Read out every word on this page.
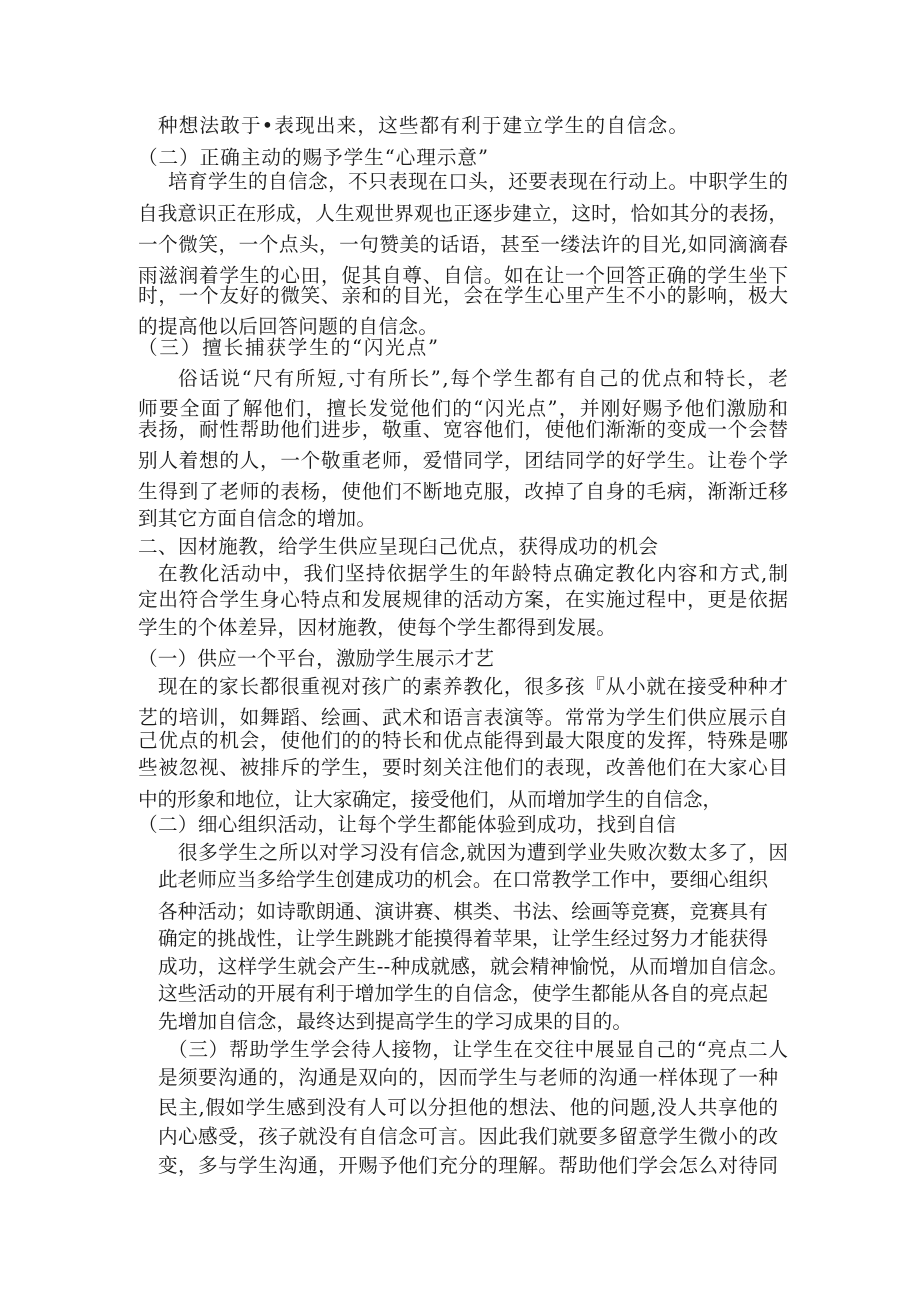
种想法敢于•表现出来，这些都有利于建立学生的自信念。
（二）正确主动的赐予学生“心理示意”
培育学生的自信念，不只表现在口头，还要表现在行动上。中职学生的
自我意识正在形成，人生观世界观也正逐步建立，这时，恰如其分的表扬，
一个微笑，一个点头，一句赞美的话语，甚至一缕法许的目光,如同滴滴春
雨滋润着学生的心田，促其自尊、自信。如在让一个回答正确的学生坐下
时，一个友好的微笑、亲和的目光，会在学生心里产生不小的影响，极大
的提高他以后回答问题的自信念。
（三）擅长捕获学生的“闪光点”
俗话说“尺有所短,寸有所长”,每个学生都有自己的优点和特长，老
师要全面了解他们，擅长发觉他们的“闪光点”，并刚好赐予他们激励和
表扬，耐性帮助他们进步，敬重、宽容他们，使他们渐渐的变成一个会替
别人着想的人，一个敬重老师，爱惜同学，团结同学的好学生。让卷个学
生得到了老师的表杨，使他们不断地克服，改掉了自身的毛病，渐渐迁移
到其它方面自信念的增加。
二、因材施教，给学生供应呈现臼己优点，获得成功的机会
在教化活动中，我们坚持依据学生的年龄特点确定教化内容和方式,制
定出符合学生身心特点和发展规律的活动方案，在实施过程中，更是依据
学生的个体差异，因材施教，使每个学生都得到发展。
（一）供应一个平台，激励学生展示才艺
现在的家长都很重视对孩广的素养教化，很多孩『从小就在接受种种才
艺的培训，如舞蹈、绘画、武术和语言表演等。常常为学生们供应展示自
己优点的机会，使他们的的特长和优点能得到最大限度的发挥，特殊是哪
些被忽视、被排斥的学生，要时刻关注他们的表现，改善他们在大家心目
中的形象和地位，让大家确定，接受他们，从而增加学生的自信念，
（二）细心组织活动，让每个学生都能体验到成功，找到自信
很多学生之所以对学习没有信念,就因为遭到学业失败次数太多了，因
此老师应当多给学生创建成功的机会。在口常教学工作中，要细心组织
各种活动；如诗歌朗通、演讲赛、棋类、书法、绘画等竞赛，竞赛具有
确定的挑战性，让学生跳跳才能摸得着苹果，让学生经过努力才能获得
成功，这样学生就会产生--种成就感，就会精神愉悦，从而增加自信念。
这些活动的开展有利于增加学生的自信念，使学生都能从各自的亮点起
先增加自信念，最终达到提高学生的学习成果的目的。
（三）帮助学生学会待人接物，让学生在交往中展显自己的“亮点二人
是须要沟通的，沟通是双向的，因而学生与老师的沟通一样体现了一种
民主,假如学生感到没有人可以分担他的想法、他的问题,没人共享他的
内心感受，孩子就没有自信念可言。因此我们就要多留意学生微小的改
变，多与学生沟通，开赐予他们充分的理解。帮助他们学会怎么对待同
